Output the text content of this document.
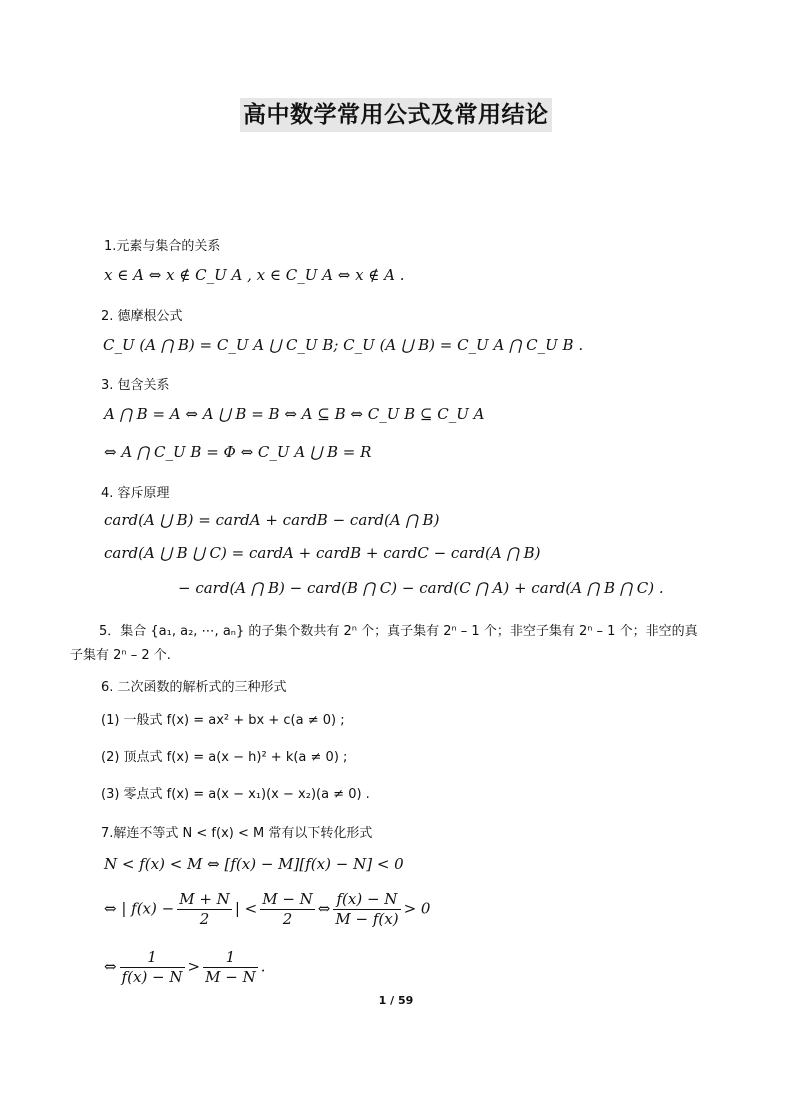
高中数学常用公式及常用结论
1.元素与集合的关系
x ∈ A ⇔ x ∉ C_U A , x ∈ C_U A ⇔ x ∉ A .
2. 德摩根公式
C_U (A ⋂ B) = C_U A ⋃ C_U B; C_U (A ⋃ B) = C_U A ⋂ C_U B .
3. 包含关系
A ⋂ B = A ⇔ A ⋃ B = B ⇔ A ⊆ B ⇔ C_U B ⊆ C_U A
⇔ A ⋂ C_U B = Φ ⇔ C_U A ⋃ B = R
4. 容斥原理
card(A ⋃ B) = cardA + cardB − card(A ⋂ B)
card(A ⋃ B ⋃ C) = cardA + cardB + cardC − card(A ⋂ B)
− card(A ⋂ B) − card(B ⋂ C) − card(C ⋂ A) + card(A ⋂ B ⋂ C) .
5．集合 {a₁, a₂, ⋯, aₙ} 的子集个数共有 2ⁿ 个；真子集有 2ⁿ – 1 个；非空子集有 2ⁿ – 1 个；非空的真
子集有 2ⁿ – 2 个.
6. 二次函数的解析式的三种形式
(1) 一般式 f(x) = ax² + bx + c(a ≠ 0) ;
(2) 顶点式 f(x) = a(x − h)² + k(a ≠ 0) ;
(3) 零点式 f(x) = a(x − x₁)(x − x₂)(a ≠ 0) .
7.解连不等式 N < f(x) < M 常有以下转化形式
N < f(x) < M ⇔ [f(x) − M][f(x) − N] < 0
⇔ | $f(x) - \frac{M + N}{2}$ | < $\frac{M - N}{2}$ ⇔ $\frac{f(x) - N}{M - f(x)} > 0$
⇔ $\frac{1}{f(x) - N} > \frac{1}{M - N}$ .
1 / 59
